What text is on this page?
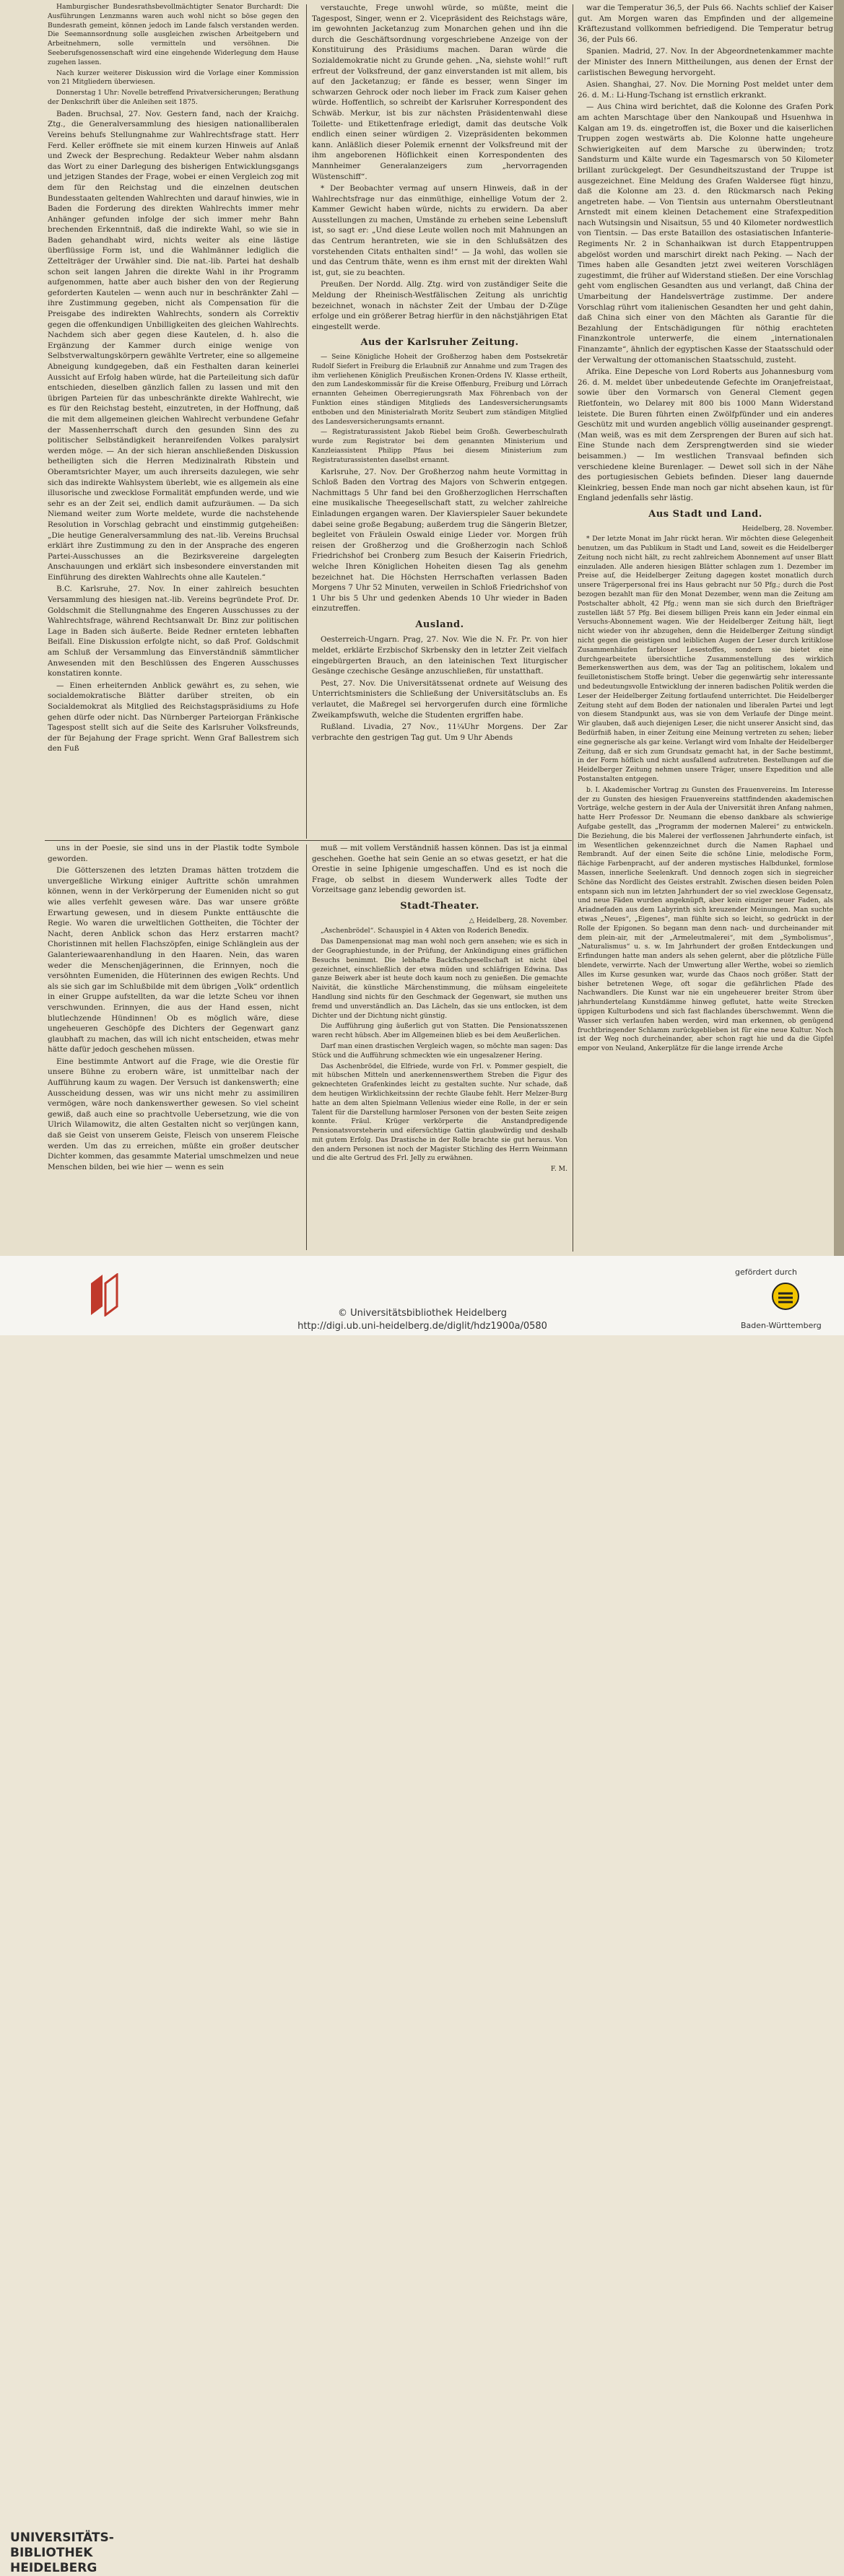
Hamburgischer Bundesrathsbevollmächtigter Senator Burchardt: Die Ausführungen Lenzmanns waren auch wohl nicht so böse gegen den Bundesrath gemeint, können jedoch im Lande falsch verstanden werden. Die Seemannsordnung solle ausgleichen zwischen Arbeitgebern und Arbeitnehmern, solle vermitteln und versöhnen. Die Seeberufsgenossenschaft wird eine eingehende Widerlegung dem Hause zugehen lassen.

Nach kurzer weiterer Diskussion wird die Vorlage einer Kommission von 21 Mitgliedern überwiesen.

Donnerstag 1 Uhr: Novelle betreffend Privatversicherungen; Berathung der Denkschrift über die Anleihen seit 1875.

Baden. Bruchsal, 27. Nov. Gestern fand, nach der Kraichg. Ztg., die Generalversammlung des hiesigen nationalliberalen Vereins behufs Stellungnahme zur Wahlrechtsfrage statt. Herr Ferd. Keller eröffnete sie mit einem kurzen Hinweis auf Anlaß und Zweck der Besprechung. Redakteur Weber nahm alsdann das Wort zu einer Darlegung des bisherigen Entwicklungsgangs und jetzigen Standes der Frage, wobei er einen Vergleich zog mit dem für den Reichstag und die einzelnen deutschen Bundesstaaten geltenden Wahlrechten und darauf hinwies, wie in Baden die Forderung des direkten Wahlrechts immer mehr Anhänger gefunden infolge der sich immer mehr Bahn brechenden Erkenntniß, daß die indirekte Wahl, so wie sie in Baden gehandhabt wird, nichts weiter als eine lästige überflüssige Form ist, und die Wahlmänner lediglich die Zettelträger der Urwähler sind. Die nat.-lib. Partei hat deshalb schon seit langen Jahren die direkte Wahl in ihr Programm aufgenommen, hatte aber auch bisher den von der Regierung geforderten Kautelen — wenn auch nur in beschränkter Zahl — ihre Zustimmung gegeben, nicht als Compensation für die Preisgabe des indirekten Wahlrechts, sondern als Correktiv gegen die offenkundigen Unbilligkeiten des gleichen Wahlrechts. Nachdem sich aber gegen diese Kautelen, d. h. also die Ergänzung der Kammer durch einige wenige von Selbstverwaltungskörpern gewählte Vertreter, eine so allgemeine Abneigung kundgegeben, daß ein Festhalten daran keinerlei Aussicht auf Erfolg haben würde, hat die Parteileitung sich dafür entschieden, dieselben gänzlich fallen zu lassen und mit den übrigen Parteien für das unbeschränkte direkte Wahlrecht, wie es für den Reichstag besteht, einzutreten, in der Hoffnung, daß die mit dem allgemeinen gleichen Wahlrecht verbundene Gefahr der Massenherrschaft durch den gesunden Sinn des zu politischer Selbständigkeit heranreifenden Volkes paralysirt werden möge. — An der sich hieran anschließenden Diskussion betheiligten sich die Herren Medizinalrath Ribstein und Oberamtsrichter Mayer, um auch ihrerseits dazulegen, wie sehr sich das indirekte Wahlsystem überlebt, wie es allgemein als eine illusorische und zwecklose Formalität empfunden werde, und wie sehr es an der Zeit sei, endlich damit aufzuräumen. — Da sich Niemand weiter zum Worte meldete, wurde die nachstehende Resolution in Vorschlag gebracht und einstimmig gutgeheißen: „Die heutige Generalversammlung des nat.-lib. Vereins Bruchsal erklärt ihre Zustimmung zu den in der Ansprache des engeren Partei-Ausschusses an die Bezirksvereine dargelegten Anschauungen und erklärt sich insbesondere einverstanden mit Einführung des direkten Wahlrechts ohne alle Kautelen.“

B.C. Karlsruhe, 27. Nov. In einer zahlreich besuchten Versammlung des hiesigen nat.-lib. Vereins begründete Prof. Dr. Goldschmit die Stellungnahme des Engeren Ausschusses zu der Wahlrechtsfrage, während Rechtsanwalt Dr. Binz zur politischen Lage in Baden sich äußerte. Beide Redner ernteten lebhaften Beifall. Eine Diskussion erfolgte nicht, so daß Prof. Goldschmit am Schluß der Versammlung das Einverständniß sämmtlicher Anwesenden mit den Beschlüssen des Engeren Ausschusses konstatiren konnte.

— Einen erheiternden Anblick gewährt es, zu sehen, wie socialdemokratische Blätter darüber streiten, ob ein Socialdemokrat als Mitglied des Reichstagspräsidiums zu Hofe gehen dürfe oder nicht. Das Nürnberger Parteiorgan Fränkische Tagespost stellt sich auf die Seite des Karlsruher Volksfreunds, der für Bejahung der Frage spricht. Wenn Graf Ballestrem sich den Fuß

verstauchte, Frege unwohl würde, so müßte, meint die Tagespost, Singer, wenn er 2. Vicepräsident des Reichstags wäre, im gewohnten Jacketanzug zum Monarchen gehen und ihn die durch die Geschäftsordnung vorgeschriebene Anzeige von der Konstituirung des Präsidiums machen. Daran würde die Sozialdemokratie nicht zu Grunde gehen. „Na, siehste wohl!“ ruft erfreut der Volksfreund, der ganz einverstanden ist mit allem, bis auf den Jacketanzug; er fände es besser, wenn Singer im schwarzen Gehrock oder noch lieber im Frack zum Kaiser gehen würde. Hoffentlich, so schreibt der Karlsruher Korrespondent des Schwäb. Merkur, ist bis zur nächsten Präsidentenwahl diese Toilette- und Etikettenfrage erledigt, damit das deutsche Volk endlich einen seiner würdigen 2. Vizepräsidenten bekommen kann. Anläßlich dieser Polemik ernennt der Volksfreund mit der ihm angeborenen Höflichkeit einen Korrespondenten des Mannheimer Generalanzeigers zum „hervorragenden Wüstenschiff“.

* Der Beobachter vermag auf unsern Hinweis, daß in der Wahlrechtsfrage nur das einmüthige, einhellige Votum der 2. Kammer Gewicht haben würde, nichts zu erwidern. Da aber Ausstellungen zu machen, Umstände zu erheben seine Lebensluft ist, so sagt er: „Und diese Leute wollen noch mit Mahnungen an das Centrum herantreten, wie sie in den Schlußsätzen des vorstehenden Citats enthalten sind!“ — Ja wohl, das wollen sie und das Centrum thäte, wenn es ihm ernst mit der direkten Wahl ist, gut, sie zu beachten.

Preußen. Der Nordd. Allg. Ztg. wird von zuständiger Seite die Meldung der Rheinisch-Westfälischen Zeitung als unrichtig bezeichnet, wonach in nächster Zeit der Umbau der D-Züge erfolge und ein größerer Betrag hierfür in den nächstjährigen Etat eingestellt werde.

Aus der Karlsruher Zeitung.

— Seine Königliche Hoheit der Großherzog haben dem Postsekretär Rudolf Siefert in Freiburg die Erlaubniß zur Annahme und zum Tragen des ihm verliehenen Königlich Preußischen Kronen-Ordens IV. Klasse ertheilt, den zum Landeskommissär für die Kreise Offenburg, Freiburg und Lörrach ernannten Geheimen Oberregierungsrath Max Föhrenbach von der Funktion eines ständigen Mitglieds des Landesversicherungsamts entboben und den Ministerialrath Moritz Seubert zum ständigen Mitglied des Landesversicherungsamts ernannt.

— Registraturassistent Jakob Riebel beim Großh. Gewerbeschulrath wurde zum Registrator bei dem genannten Ministerium und Kanzleiassistent Philipp Pfaus bei diesem Ministerium zum Registraturassistenten daselbst ernannt.

Karlsruhe, 27. Nov. Der Großherzog nahm heute Vormittag in Schloß Baden den Vortrag des Majors von Schwerin entgegen. Nachmittags 5 Uhr fand bei den Großherzoglichen Herrschaften eine musikalische Theegesellschaft statt, zu welcher zahlreiche Einladungen ergangen waren. Der Klavierspieler Sauer bekundete dabei seine große Begabung; außerdem trug die Sängerin Bletzer, begleitet von Fräulein Oswald einige Lieder vor. Morgen früh reisen der Großherzog und die Großherzogin nach Schloß Friedrichshof bei Cronberg zum Besuch der Kaiserin Friedrich, welche Ihren Königlichen Hoheiten diesen Tag als genehm bezeichnet hat. Die Höchsten Herrschaften verlassen Baden Morgens 7 Uhr 52 Minuten, verweilen in Schloß Friedrichshof von 1 Uhr bis 5 Uhr und gedenken Abends 10 Uhr wieder in Baden einzutreffen.

Ausland.

Oesterreich-Ungarn. Prag, 27. Nov. Wie die N. Fr. Pr. von hier meldet, erklärte Erzbischof Skrbensky den in letzter Zeit vielfach eingebürgerten Brauch, an den lateinischen Text liturgischer Gesänge czechische Gesänge anzuschließen, für unstatthaft.

Pest, 27. Nov. Die Universitätssenat ordnete auf Weisung des Unterrichtsministers die Schließung der Universitätsclubs an. Es verlautet, die Maßregel sei hervorgerufen durch eine förmliche Zweikampfswuth, welche die Studenten ergriffen habe.

Rußland. Livadia, 27 Nov., 11¼Uhr Morgens. Der Zar verbrachte den gestrigen Tag gut. Um 9 Uhr Abends

war die Temperatur 36,5, der Puls 66. Nachts schlief der Kaiser gut. Am Morgen waren das Empfinden und der allgemeine Kräftezustand vollkommen befriedigend. Die Temperatur betrug 36, der Puls 66.

Spanien. Madrid, 27. Nov. In der Abgeordnetenkammer machte der Minister des Innern Mittheilungen, aus denen der Ernst der carlistischen Bewegung hervorgeht.

Asien. Shanghai, 27. Nov. Die Morning Post meldet unter dem 26. d. M.: Li-Hung-Tschang ist ernstlich erkrankt.

— Aus China wird berichtet, daß die Kolonne des Grafen Pork am achten Marschtage über den Nankoupaß und Hsuenhwa in Kalgan am 19. ds. eingetroffen ist, die Boxer und die kaiserlichen Truppen zogen westwärts ab. Die Kolonne hatte ungeheure Schwierigkeiten auf dem Marsche zu überwinden; trotz Sandsturm und Kälte wurde ein Tagesmarsch von 50 Kilometer brillant zurückgelegt. Der Gesundheitszustand der Truppe ist ausgezeichnet. Eine Meldung des Grafen Waldersee fügt hinzu, daß die Kolonne am 23. d. den Rückmarsch nach Peking angetreten habe. — Von Tientsin aus unternahm Oberstleutnant Arnstedt mit einem kleinen Detachement eine Strafexpedition nach Wutsingsin und Nisaitsun, 55 und 40 Kilometer nordwestlich von Tientsin. — Das erste Bataillon des ostasiatischen Infanterie-Regiments Nr. 2 in Schanhaikwan ist durch Etappentruppen abgelöst worden und marschirt direkt nach Peking. — Nach der Times haben alle Gesandten jetzt zwei weiteren Vorschlägen zugestimmt, die früher auf Widerstand stießen. Der eine Vorschlag geht vom englischen Gesandten aus und verlangt, daß China der Umarbeitung der Handelsverträge zustimme. Der andere Vorschlag rührt vom italienischen Gesandten her und geht dahin, daß China sich einer von den Mächten als Garantie für die Bezahlung der Entschädigungen für nöthig erachteten Finanzkontrole unterwerfe, die einem „internationalen Finanzamte“, ähnlich der egyptischen Kasse der Staatsschuld oder der Verwaltung der ottomanischen Staatsschuld, zusteht.

Afrika. Eine Depesche von Lord Roberts aus Johannesburg vom 26. d. M. meldet über unbedeutende Gefechte im Oranjefreistaat, sowie über den Vormarsch von General Clement gegen Rietfontein, wo Delarey mit 800 bis 1000 Mann Widerstand leistete. Die Buren führten einen Zwölfpfünder und ein anderes Geschütz mit und wurden angeblich völlig auseinander gesprengt. (Man weiß, was es mit dem Zersprengen der Buren auf sich hat. Eine Stunde nach dem Zersprengtwerden sind sie wieder beisammen.) — Im westlichen Transvaal befinden sich verschiedene kleine Burenlager. — Dewet soll sich in der Nähe des portugiesischen Gebiets befinden. Dieser lang dauernde Kleinkrieg, bessen Ende man noch gar nicht absehen kaun, ist für England jedenfalls sehr lästig.

Aus Stadt und Land.

Heidelberg, 28. November.

* Der letzte Monat im Jahr rückt heran. Wir möchten diese Gelegenheit benutzen, um das Publikum in Stadt und Land, soweit es die Heidelberger Zeitung noch nicht hält, zu recht zahlreichem Abonnement auf unser Blatt einzuladen. Alle anderen hiesigen Blätter schlagen zum 1. Dezember im Preise auf, die Heidelberger Zeitung dagegen kostet monatlich durch unsere Trägerpersonal frei ins Haus gebracht nur 50 Pfg.; durch die Post bezogen bezahlt man für den Monat Dezember, wenn man die Zeitung am Postschalter abholt, 42 Pfg.; wenn man sie sich durch den Briefträger zustellen läßt 57 Pfg. Bei diesem billigen Preis kann ein Jeder einmal ein Versuchs-Abonnement wagen. Wie der Heidelberger Zeitung hält, liegt nicht wieder von ihr abzugehen, denn die Heidelberger Zeitung sündigt nicht gegen die geistigen und leiblichen Augen der Leser durch kritiklose Zusammenhäufen farbloser Lesestoffes, sondern sie bietet eine durchgearbeitete übersichtliche Zusammenstellung des wirklich Bemerkenswerthen aus dem, was der Tag an politischem, lokalem und feuilletonistischem Stoffe bringt. Ueber die gegenwärtig sehr interessante und bedeutungsvolle Entwicklung der inneren badischen Politik werden die Leser der Heidelberger Zeitung fortlaufend unterrichtet. Die Heidelberger Zeitung steht auf dem Boden der nationalen und liberalen Partei und legt von diesem Standpunkt aus, was sie von dem Verlaufe der Dinge meint. Wir glauben, daß auch diejenigen Leser, die nicht unserer Ansicht sind, das Bedürfniß haben, in einer Zeitung eine Meinung vertreten zu sehen; lieber eine gegnerische als gar keine. Verlangt wird vom Inhalte der Heidelberger Zeitung, daß er sich zum Grundsatz gemacht hat, in der Sache bestimmt, in der Form höflich und nicht ausfallend aufzutreten. Bestellungen auf die Heidelberger Zeitung nehmen unsere Träger, unsere Expedition und alle Postanstalten entgegen.

b. I. Akademischer Vortrag zu Gunsten des Frauenvereins. Im Interesse der zu Gunsten des hiesigen Frauenvereins stattfindenden akademischen Vorträge, welche gestern in der Aula der Universität ihren Anfang nahmen, hatte Herr Professor Dr. Neumann die ebenso dankbare als schwierige Aufgabe gestellt, das „Programm der modernen Malerei“ zu entwickeln. Die Beziehung, die bis Malerei der verflossenen Jahrhunderte einfach, ist im Wesentlichen gekennzeichnet durch die Namen Raphael und Rembrandt. Auf der einen Seite die schöne Linie, melodische Form, flächige Farbenpracht, auf der anderen mystisches Halbdunkel, formlose Massen, innerliche Seelenkraft. Und dennoch zogen sich in siegreicher Schöne das Nordlicht des Geistes erstrahlt. Zwischen diesen beiden Polen entspann sich nun im letzten Jahrhundert der so viel zwecklose Gegensatz, und neue Fäden wurden angeknüpft, aber kein einziger neuer Faden, als Ariadnefaden aus dem Labyrinth sich kreuzender Meinungen. Man suchte etwas „Neues“, „Eigenes“, man fühlte sich so leicht, so gedrückt in der Rolle der Epigonen. So begann man denn nach- und durcheinander mit dem plein-air, mit der „Armeleutmalerei“, mit dem „Symbolismus“, „Naturalismus“ u. s. w. Im Jahrhundert der großen Entdeckungen und Erfindungen hatte man anders als sehen gelernt, aber die plötzliche Fülle blendete, verwirrte. Nach der Umwertung aller Werthe, wobei so ziemlich Alles im Kurse gesunken war, wurde das Chaos noch größer. Statt der bisher betretenen Wege, oft sogar die gefährlichen Pfade des Nachwandlers. Die Kunst war nie ein ungeheuerer breiter Strom über jahrhundertelang Kunstdämme hinweg geflutet, hatte weite Strecken üppigen Kulturbodens und sich fast flachlandes überschwemmt. Wenn die Wasser sich verlaufen haben werden, wird man erkennen, ob genügend fruchtbringender Schlamm zurückgeblieben ist für eine neue Kultur. Noch ist der Weg noch durcheinander, aber schon ragt hie und da die Gipfel empor von Neuland, Ankerplätze für die lange irrende Arche

uns in der Poesie, sie sind uns in der Plastik todte Symbole geworden.

Die Götterszenen des letzten Dramas hätten trotzdem die unvergeßliche Wirkung einiger Auftritte schön umrahmen können, wenn in der Verkörperung der Eumeniden nicht so gut wie alles verfehlt gewesen wäre. Das war unsere größte Erwartung gewesen, und in diesem Punkte enttäuschte die Regie. Wo waren die urweltlichen Gottheiten, die Töchter der Nacht, deren Anblick schon das Herz erstarren macht? Choristinnen mit hellen Flachszöpfen, einige Schlänglein aus der Galanteriewaarenhandlung in den Haaren. Nein, das waren weder die Menschenjägerinnen, die Erinnyen, noch die versöhnten Eumeniden, die Hüterinnen des ewigen Rechts. Und als sie sich gar im Schlußbilde mit dem übrigen „Volk“ ordentlich in einer Gruppe aufstellten, da war die letzte Scheu vor ihnen verschwunden. Erinnyen, die aus der Hand essen, nicht blutlechzende Hündinnen! Ob es möglich wäre, diese ungeheueren Geschöpfe des Dichters der Gegenwart ganz glaubhaft zu machen, das will ich nicht entscheiden, etwas mehr hätte dafür jedoch geschehen müssen.

Eine bestimmte Antwort auf die Frage, wie die Orestie für unsere Bühne zu erobern wäre, ist unmittelbar nach der Aufführung kaum zu wagen. Der Versuch ist dankenswerth; eine Ausscheidung dessen, was wir uns nicht mehr zu assimiliren vermögen, wäre noch dankenswerther gewesen. So viel scheint gewiß, daß auch eine so prachtvolle Uebersetzung, wie die von Ulrich Wilamowitz, die alten Gestalten nicht so verjüngen kann, daß sie Geist von unserem Geiste, Fleisch von unserem Fleische werden. Um das zu erreichen, müßte ein großer deutscher Dichter kommen, das gesammte Material umschmelzen und neue Menschen bilden, bei wie hier — wenn es sein

muß — mit vollem Verständniß hassen können. Das ist ja einmal geschehen. Goethe hat sein Genie an so etwas gesetzt, er hat die Orestie in seine Iphigenie umgeschaffen. Und es ist noch die Frage, ob selbst in diesem Wunderwerk alles Todte der Vorzeitsage ganz lebendig geworden ist.

Stadt-Theater.

△ Heidelberg, 28. November.

„Aschenbrödel“. Schauspiel in 4 Akten von Roderich Benedix.

Das Damenpensionat mag man wohl noch gern ansehen; wie es sich in der Geographiestunde, in der Prüfung, der Ankündigung eines gräflichen Besuchs benimmt. Die lebhafte Backfischgesellschaft ist nicht übel gezeichnet, einschließlich der etwa müden und schläfrigen Edwina. Das ganze Beiwerk aber ist heute doch kaum noch zu genießen. Die gemachte Naivität, die künstliche Märchenstimmung, die mühsam eingeleitete Handlung sind nichts für den Geschmack der Gegenwart, sie muthen uns fremd und unverständlich an. Das Lächeln, das sie uns entlocken, ist dem Dichter und der Dichtung nicht günstig.

Die Aufführung ging äußerlich gut von Statten. Die Pensionatsszenen waren recht hübsch. Aber im Allgemeinen blieb es bei dem Aeußerlichen.

Darf man einen drastischen Vergleich wagen, so möchte man sagen: Das Stück und die Aufführung schmeckten wie ein ungesalzener Hering.

Das Aschenbrödel, die Elfriede, wurde von Frl. v. Pommer gespielt, die mit hübschen Mitteln und anerkennenswerthem Streben die Figur des geknechteten Grafenkindes leicht zu gestalten suchte. Nur schade, daß dem heutigen Wirklichkeitssinn der rechte Glaube fehlt. Herr Melzer-Burg hatte an dem alten Spielmann Vellenius wieder eine Rolle, in der er sein Talent für die Darstellung harmloser Personen von der besten Seite zeigen konnte. Fräul. Krüger verkörperte die Anstandpredigende Pensionatsvorsteherin und eifersüchtige Gattin glaubwürdig und deshalb mit gutem Erfolg. Das Drastische in der Rolle brachte sie gut heraus. Von den andern Personen ist noch der Magister Stichling des Herrn Weinmann und die alte Gertrud des Frl. Jelly zu erwähnen.

F. M.

UNIVERSITÄTS-
BIBLIOTHEK
HEIDELBERG
© Universitätsbibliothek Heidelberg
http://digi.ub.uni-heidelberg.de/diglit/hdz1900a/0580
gefördert durch
Baden-Württemberg
